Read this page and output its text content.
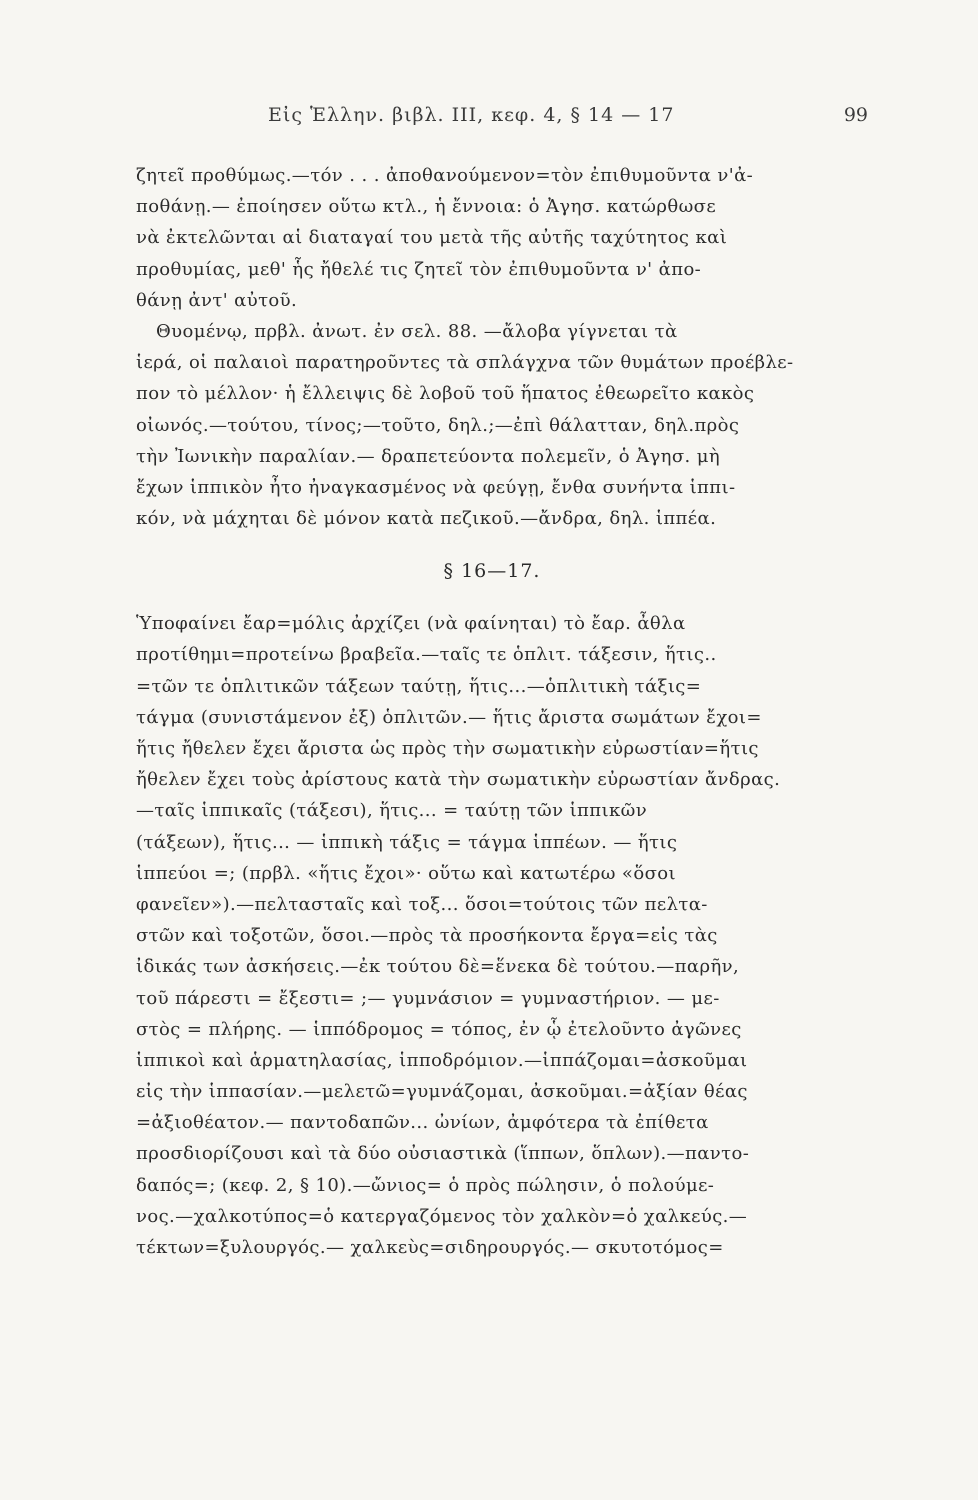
Εἰς Ἑλλην. βιβλ. ΙΙΙ, κεφ. 4, § 14 — 17	99
ζητεῖ προθύμως.—τόν . . . ἀποθανούμενον=τὸν ἐπιθυμοῦντα ν'ἀ-
ποθάνῃ.— ἐποίησεν οὕτω κτλ., ἡ ἔννοια: ὁ Ἀγησ. κατώρθωσε
νὰ ἐκτελῶνται αἱ διαταγαί του μετὰ τῆς αὐτῆς ταχύτητος καὶ
προθυμίας, μεθ' ἧς ἤθελέ τις ζητεῖ τὸν ἐπιθυμοῦντα ν' ἀπο-
θάνῃ ἀντ' αὐτοῦ.
Θυομένῳ, πρβλ. ἀνωτ. ἐν σελ. 88. —ἄλοβα γίγνεται τὰ
ἱερά, οἱ παλαιοὶ παρατηροῦντες τὰ σπλάγχνα τῶν θυμάτων προέβλε-
πον τὸ μέλλον· ἡ ἔλλειψις δὲ λοβοῦ τοῦ ἥπατος ἐθεωρεῖτο κακὸς
οἰωνός.—τούτου, τίνος;—τοῦτο, δηλ.;—ἐπὶ θάλατταν, δηλ.πρὸς
τὴν Ἰωνικὴν παραλίαν.— δραπετεύοντα πολεμεῖν, ὁ Ἀγησ. μὴ
ἔχων ἱππικὸν ἦτο ἠναγκασμένος νὰ φεύγῃ, ἔνθα συνήντα ἱππι-
κόν, νὰ μάχηται δὲ μόνον κατὰ πεζικοῦ.—ἄνδρα, δηλ. ἱππέα.
§ 16—17.
Ὑποφαίνει ἔαρ=μόλις ἀρχίζει (νὰ φαίνηται) τὸ ἔαρ. ἆθλα
προτίθημι=προτείνω βραβεῖα.—ταῖς τε ὁπλιτ. τάξεσιν, ἥτις..
=τῶν τε ὁπλιτικῶν τάξεων ταύτῃ, ἥτις...—ὁπλιτικὴ τάξις=
τάγμα (συνιστάμενον ἐξ) ὁπλιτῶν.— ἥτις ἄριστα σωμάτων ἔχοι=
ἥτις ἤθελεν ἔχει ἄριστα ὡς πρὸς τὴν σωματικὴν εὐρωστίαν=ἥτις
ἤθελεν ἔχει τοὺς ἀρίστους κατὰ τὴν σωματικὴν εὐρωστίαν ἄνδρας.
—ταῖς ἱππικαῖς (τάξεσι), ἥτις... = ταύτῃ τῶν ἱππικῶν
(τάξεων), ἥτις... — ἱππικὴ τάξις = τάγμα ἱππέων. — ἥτις
ἱππεύοι =; (πρβλ. «ἥτις ἔχοι»· οὕτω καὶ κατωτέρω «ὅσοι
φανεῖεν»).—πελτασταῖς καὶ τοξ... ὅσοι=τούτοις τῶν πελτα-
στῶν καὶ τοξοτῶν, ὅσοι.—πρὸς τὰ προσήκοντα ἔργα=εἰς τὰς
ἰδικάς των ἀσκήσεις.—ἐκ τούτου δὲ=ἕνεκα δὲ τούτου.—παρῆν,
τοῦ πάρεστι = ἔξεστι= ;— γυμνάσιον = γυμναστήριον. — με-
στὸς = πλήρης. — ἱππόδρομος = τόπος, ἐν ᾧ ἐτελοῦντο ἀγῶνες
ἱππικοὶ καὶ ἁρματηλασίας, ἱπποδρόμιον.—ἱππάζομαι=ἀσκοῦμαι
εἰς τὴν ἱππασίαν.—μελετῶ=γυμνάζομαι, ἀσκοῦμαι.=ἀξίαν θέας
=ἀξιοθέατον.— παντοδαπῶν... ὠνίων, ἀμφότερα τὰ ἐπίθετα
προσδιορίζουσι καὶ τὰ δύο οὐσιαστικὰ (ἵππων, ὅπλων).—παντο-
δαπός=; (κεφ. 2, § 10).—ὤνιος= ὁ πρὸς πώλησιν, ὁ πολούμε-
νος.—χαλκοτύπος=ὁ κατεργαζόμενος τὸν χαλκὸν=ὁ χαλκεύς.—
τέκτων=ξυλουργός.— χαλκεὺς=σιδηρουργός.— σκυτοτόμος=
